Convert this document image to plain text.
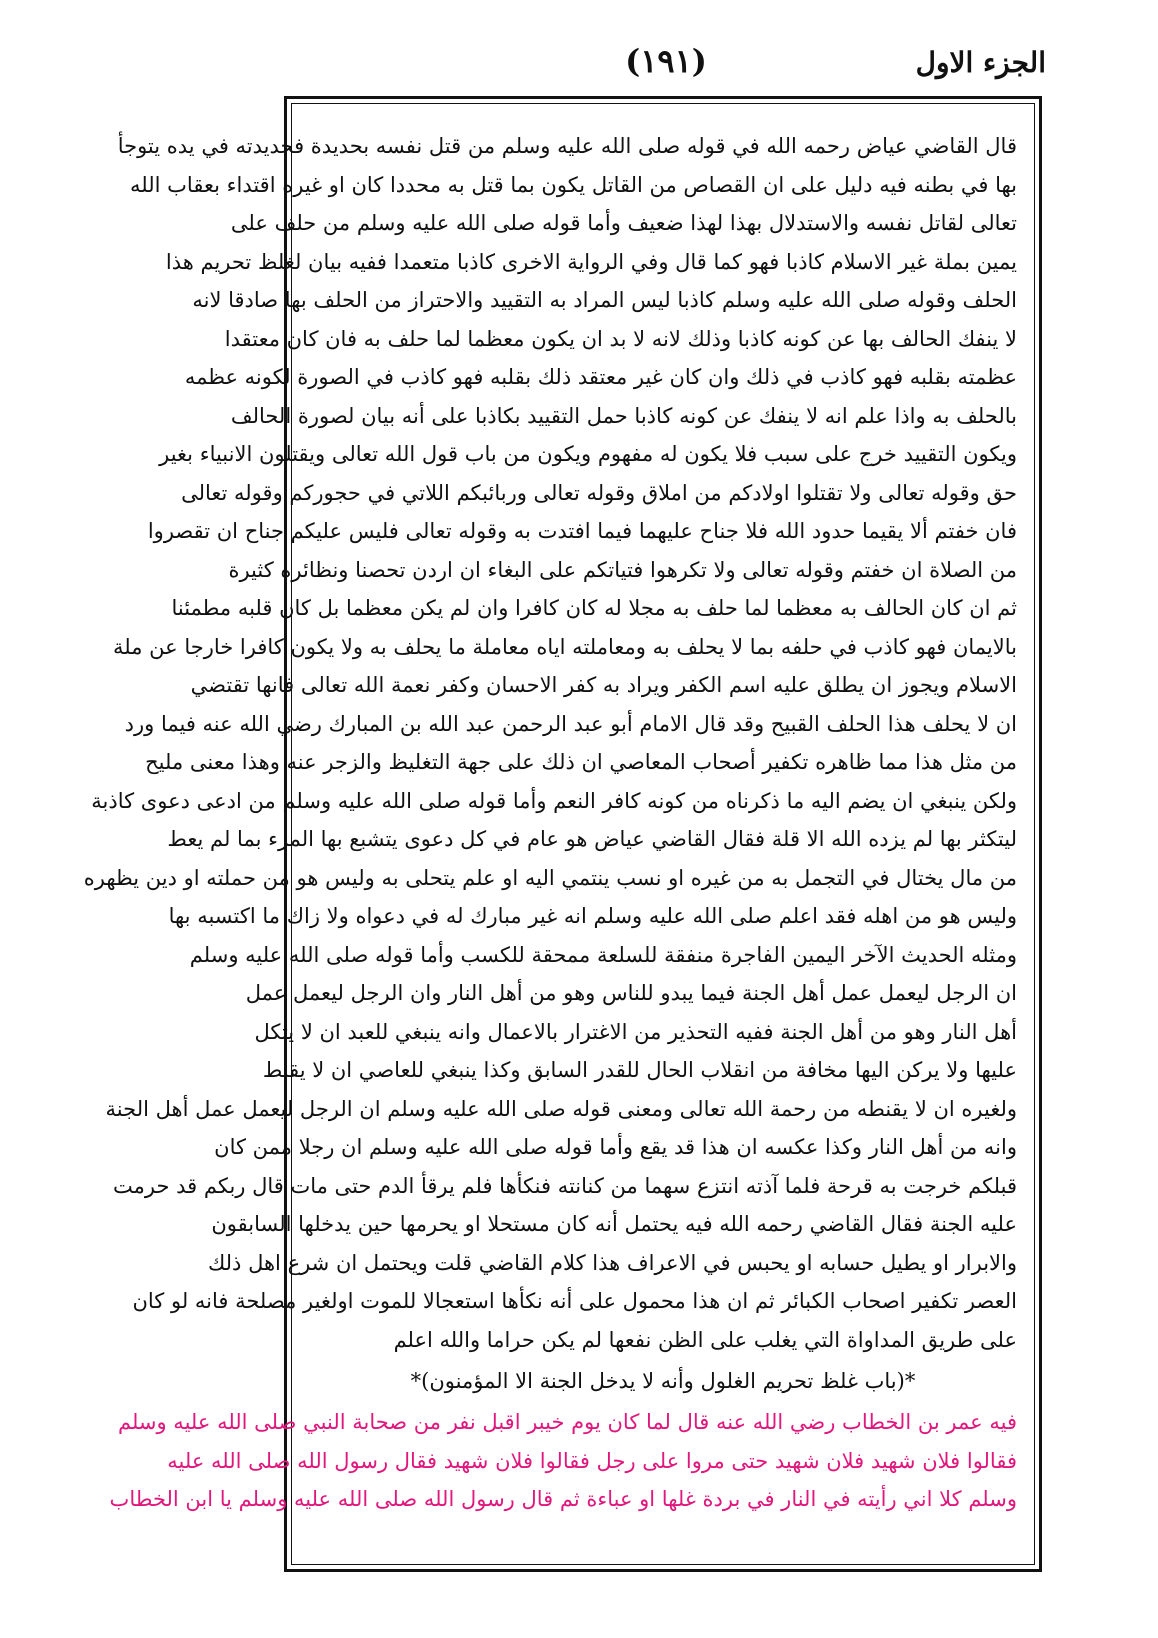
الجزء الاول
(١٩١)
قال القاضي عياض رحمه الله في قوله صلى الله عليه وسلم من قتل نفسه بحديدة فحديدته في يده يتوجأ
بها في بطنه فيه دليل على ان القصاص من القاتل يكون بما قتل به محددا كان او غيره اقتداء بعقاب الله
تعالى لقاتل نفسه والاستدلال بهذا لهذا ضعيف وأما قوله صلى الله عليه وسلم من حلف على
يمين بملة غير الاسلام كاذبا فهو كما قال وفي الرواية الاخرى كاذبا متعمدا ففيه بيان لغلظ تحريم هذا
الحلف وقوله صلى الله عليه وسلم كاذبا ليس المراد به التقييد والاحتراز من الحلف بها صادقا لانه
لا ينفك الحالف بها عن كونه كاذبا وذلك لانه لا بد ان يكون معظما لما حلف به فان كان معتقدا
عظمته بقلبه فهو كاذب في ذلك وان كان غير معتقد ذلك بقلبه فهو كاذب في الصورة لكونه عظمه
بالحلف به واذا علم انه لا ينفك عن كونه كاذبا حمل التقييد بكاذبا على أنه بيان لصورة الحالف
ويكون التقييد خرج على سبب فلا يكون له مفهوم ويكون من باب قول الله تعالى ويقتلون الانبياء بغير
حق وقوله تعالى ولا تقتلوا اولادكم من املاق وقوله تعالى وربائبكم اللاتي في حجوركم وقوله تعالى
فان خفتم ألا يقيما حدود الله فلا جناح عليهما فيما افتدت به وقوله تعالى فليس عليكم جناح ان تقصروا
من الصلاة ان خفتم وقوله تعالى ولا تكرهوا فتياتكم على البغاء ان اردن تحصنا ونظائره كثيرة
ثم ان كان الحالف به معظما لما حلف به مجلا له كان كافرا وان لم يكن معظما بل كان قلبه مطمئنا
بالايمان فهو كاذب في حلفه بما لا يحلف به ومعاملته اياه معاملة ما يحلف به ولا يكون كافرا خارجا عن ملة
الاسلام ويجوز ان يطلق عليه اسم الكفر ويراد به كفر الاحسان وكفر نعمة الله تعالى فانها تقتضي
ان لا يحلف هذا الحلف القبيح وقد قال الامام أبو عبد الرحمن عبد الله بن المبارك رضي الله عنه فيما ورد
من مثل هذا مما ظاهره تكفير أصحاب المعاصي ان ذلك على جهة التغليظ والزجر عنه وهذا معنى مليح
ولكن ينبغي ان يضم اليه ما ذكرناه من كونه كافر النعم وأما قوله صلى الله عليه وسلم من ادعى دعوى كاذبة
ليتكثر بها لم يزده الله الا قلة فقال القاضي عياض هو عام في كل دعوى يتشبع بها المرء بما لم يعط
من مال يختال في التجمل به من غيره او نسب ينتمي اليه او علم يتحلى به وليس هو من حملته او دين يظهره
وليس هو من اهله فقد اعلم صلى الله عليه وسلم انه غير مبارك له في دعواه ولا زاك ما اكتسبه بها
ومثله الحديث الآخر اليمين الفاجرة منفقة للسلعة ممحقة للكسب وأما قوله صلى الله عليه وسلم
ان الرجل ليعمل عمل أهل الجنة فيما يبدو للناس وهو من أهل النار وان الرجل ليعمل عمل
أهل النار وهو من أهل الجنة ففيه التحذير من الاغترار بالاعمال وانه ينبغي للعبد ان لا يتكل
عليها ولا يركن اليها مخافة من انقلاب الحال للقدر السابق وكذا ينبغي للعاصي ان لا يقنط
ولغيره ان لا يقنطه من رحمة الله تعالى ومعنى قوله صلى الله عليه وسلم ان الرجل ليعمل عمل أهل الجنة
وانه من أهل النار وكذا عكسه ان هذا قد يقع وأما قوله صلى الله عليه وسلم ان رجلا ممن كان
قبلكم خرجت به قرحة فلما آذته انتزع سهما من كنانته فنكأها فلم يرقأ الدم حتى مات قال ربكم قد حرمت
عليه الجنة فقال القاضي رحمه الله فيه يحتمل أنه كان مستحلا او يحرمها حين يدخلها السابقون
والابرار او يطيل حسابه او يحبس في الاعراف هذا كلام القاضي قلت ويحتمل ان شرع اهل ذلك
العصر تكفير اصحاب الكبائر ثم ان هذا محمول على أنه نكأها استعجالا للموت اولغير مصلحة فانه لو كان
على طريق المداواة التي يغلب على الظن نفعها لم يكن حراما والله اعلم
*(باب غلظ تحريم الغلول وأنه لا يدخل الجنة الا المؤمنون)*
فيه عمر بن الخطاب رضي الله عنه قال لما كان يوم خيبر اقبل نفر من صحابة النبي صلى الله عليه وسلم
فقالوا فلان شهيد فلان شهيد حتى مروا على رجل فقالوا فلان شهيد فقال رسول الله صلى الله عليه
وسلم كلا اني رأيته في النار في بردة غلها او عباءة ثم قال رسول الله صلى الله عليه وسلم يا ابن الخطاب
